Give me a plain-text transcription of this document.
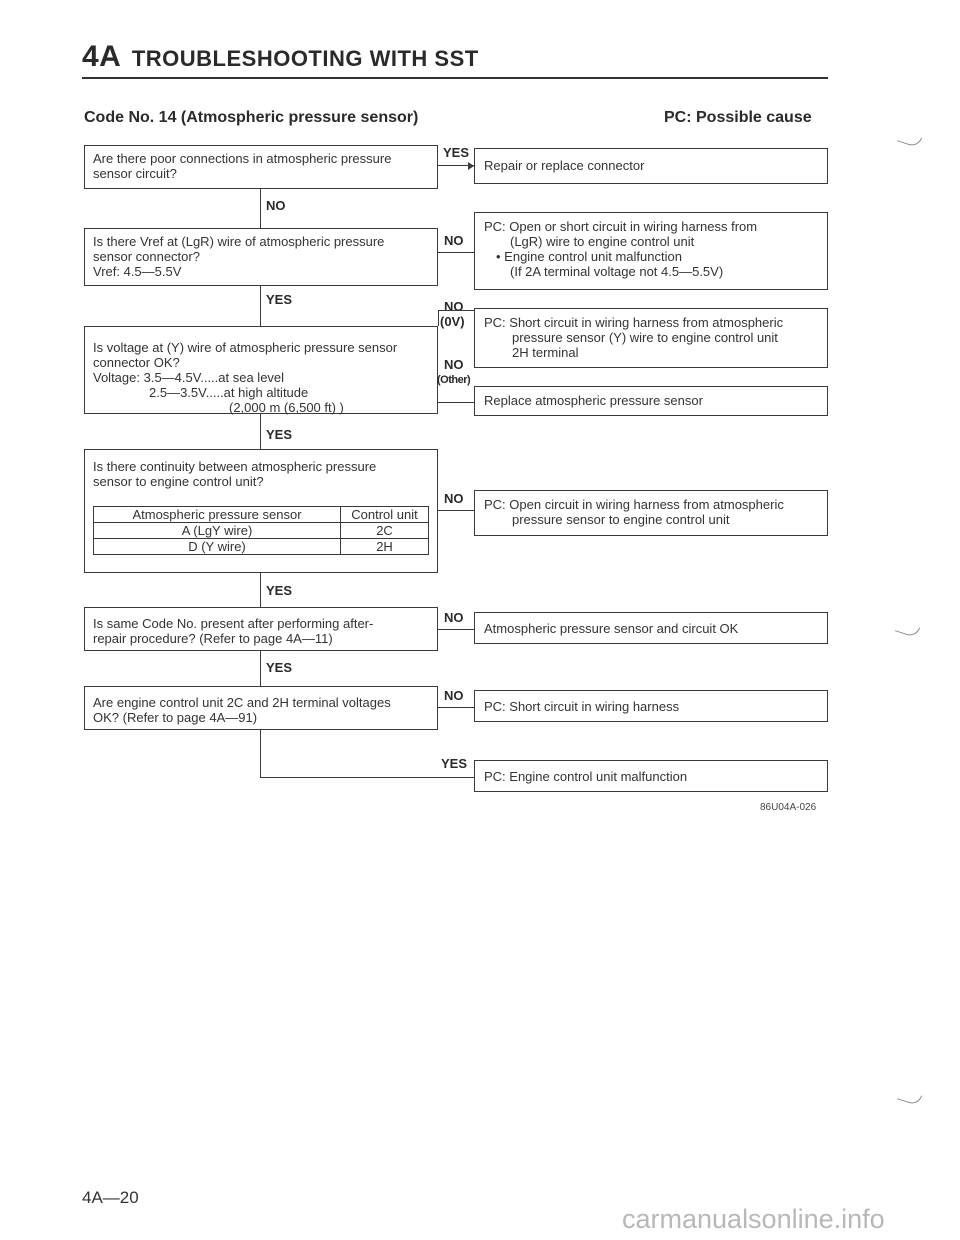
4A TROUBLESHOOTING WITH SST
Code No. 14 (Atmospheric pressure sensor)	PC: Possible cause
Are there poor connections in atmospheric pressure
sensor circuit?
YES
Repair or replace connector
NO
Is there Vref at (LgR) wire of atmospheric pressure
sensor connector?
Vref: 4.5—5.5V
NO
PC: Open or short circuit in wiring harness from
(LgR) wire to engine control unit
• Engine control unit malfunction
(If 2A terminal voltage not 4.5—5.5V)
YES
Is voltage at (Y) wire of atmospheric pressure sensor
connector OK?
Voltage: 3.5—4.5V.....at sea level
2.5—3.5V.....at high altitude
(2,000 m (6,500 ft) )
NO
(0V) PC: Short circuit in wiring harness from atmospheric
pressure sensor (Y) wire to engine control unit
2H terminal
NO
(Other)
Replace atmospheric pressure sensor
YES
Is there continuity between atmospheric pressure
sensor to engine control unit?
Atmospheric pressure sensor	Control unit
A (LgY wire)	2C
D (Y wire)	2H
NO PC: Open circuit in wiring harness from atmospheric
pressure sensor to engine control unit
YES
Is same Code No. present after performing after-
repair procedure? (Refer to page 4A—11)
NO
Atmospheric pressure sensor and circuit OK
YES
Are engine control unit 2C and 2H terminal voltages
OK? (Refer to page 4A—91)
NO
PC: Short circuit in wiring harness
YES
PC: Engine control unit malfunction
86U04A-026
4A—20
carmanualsonline.info
